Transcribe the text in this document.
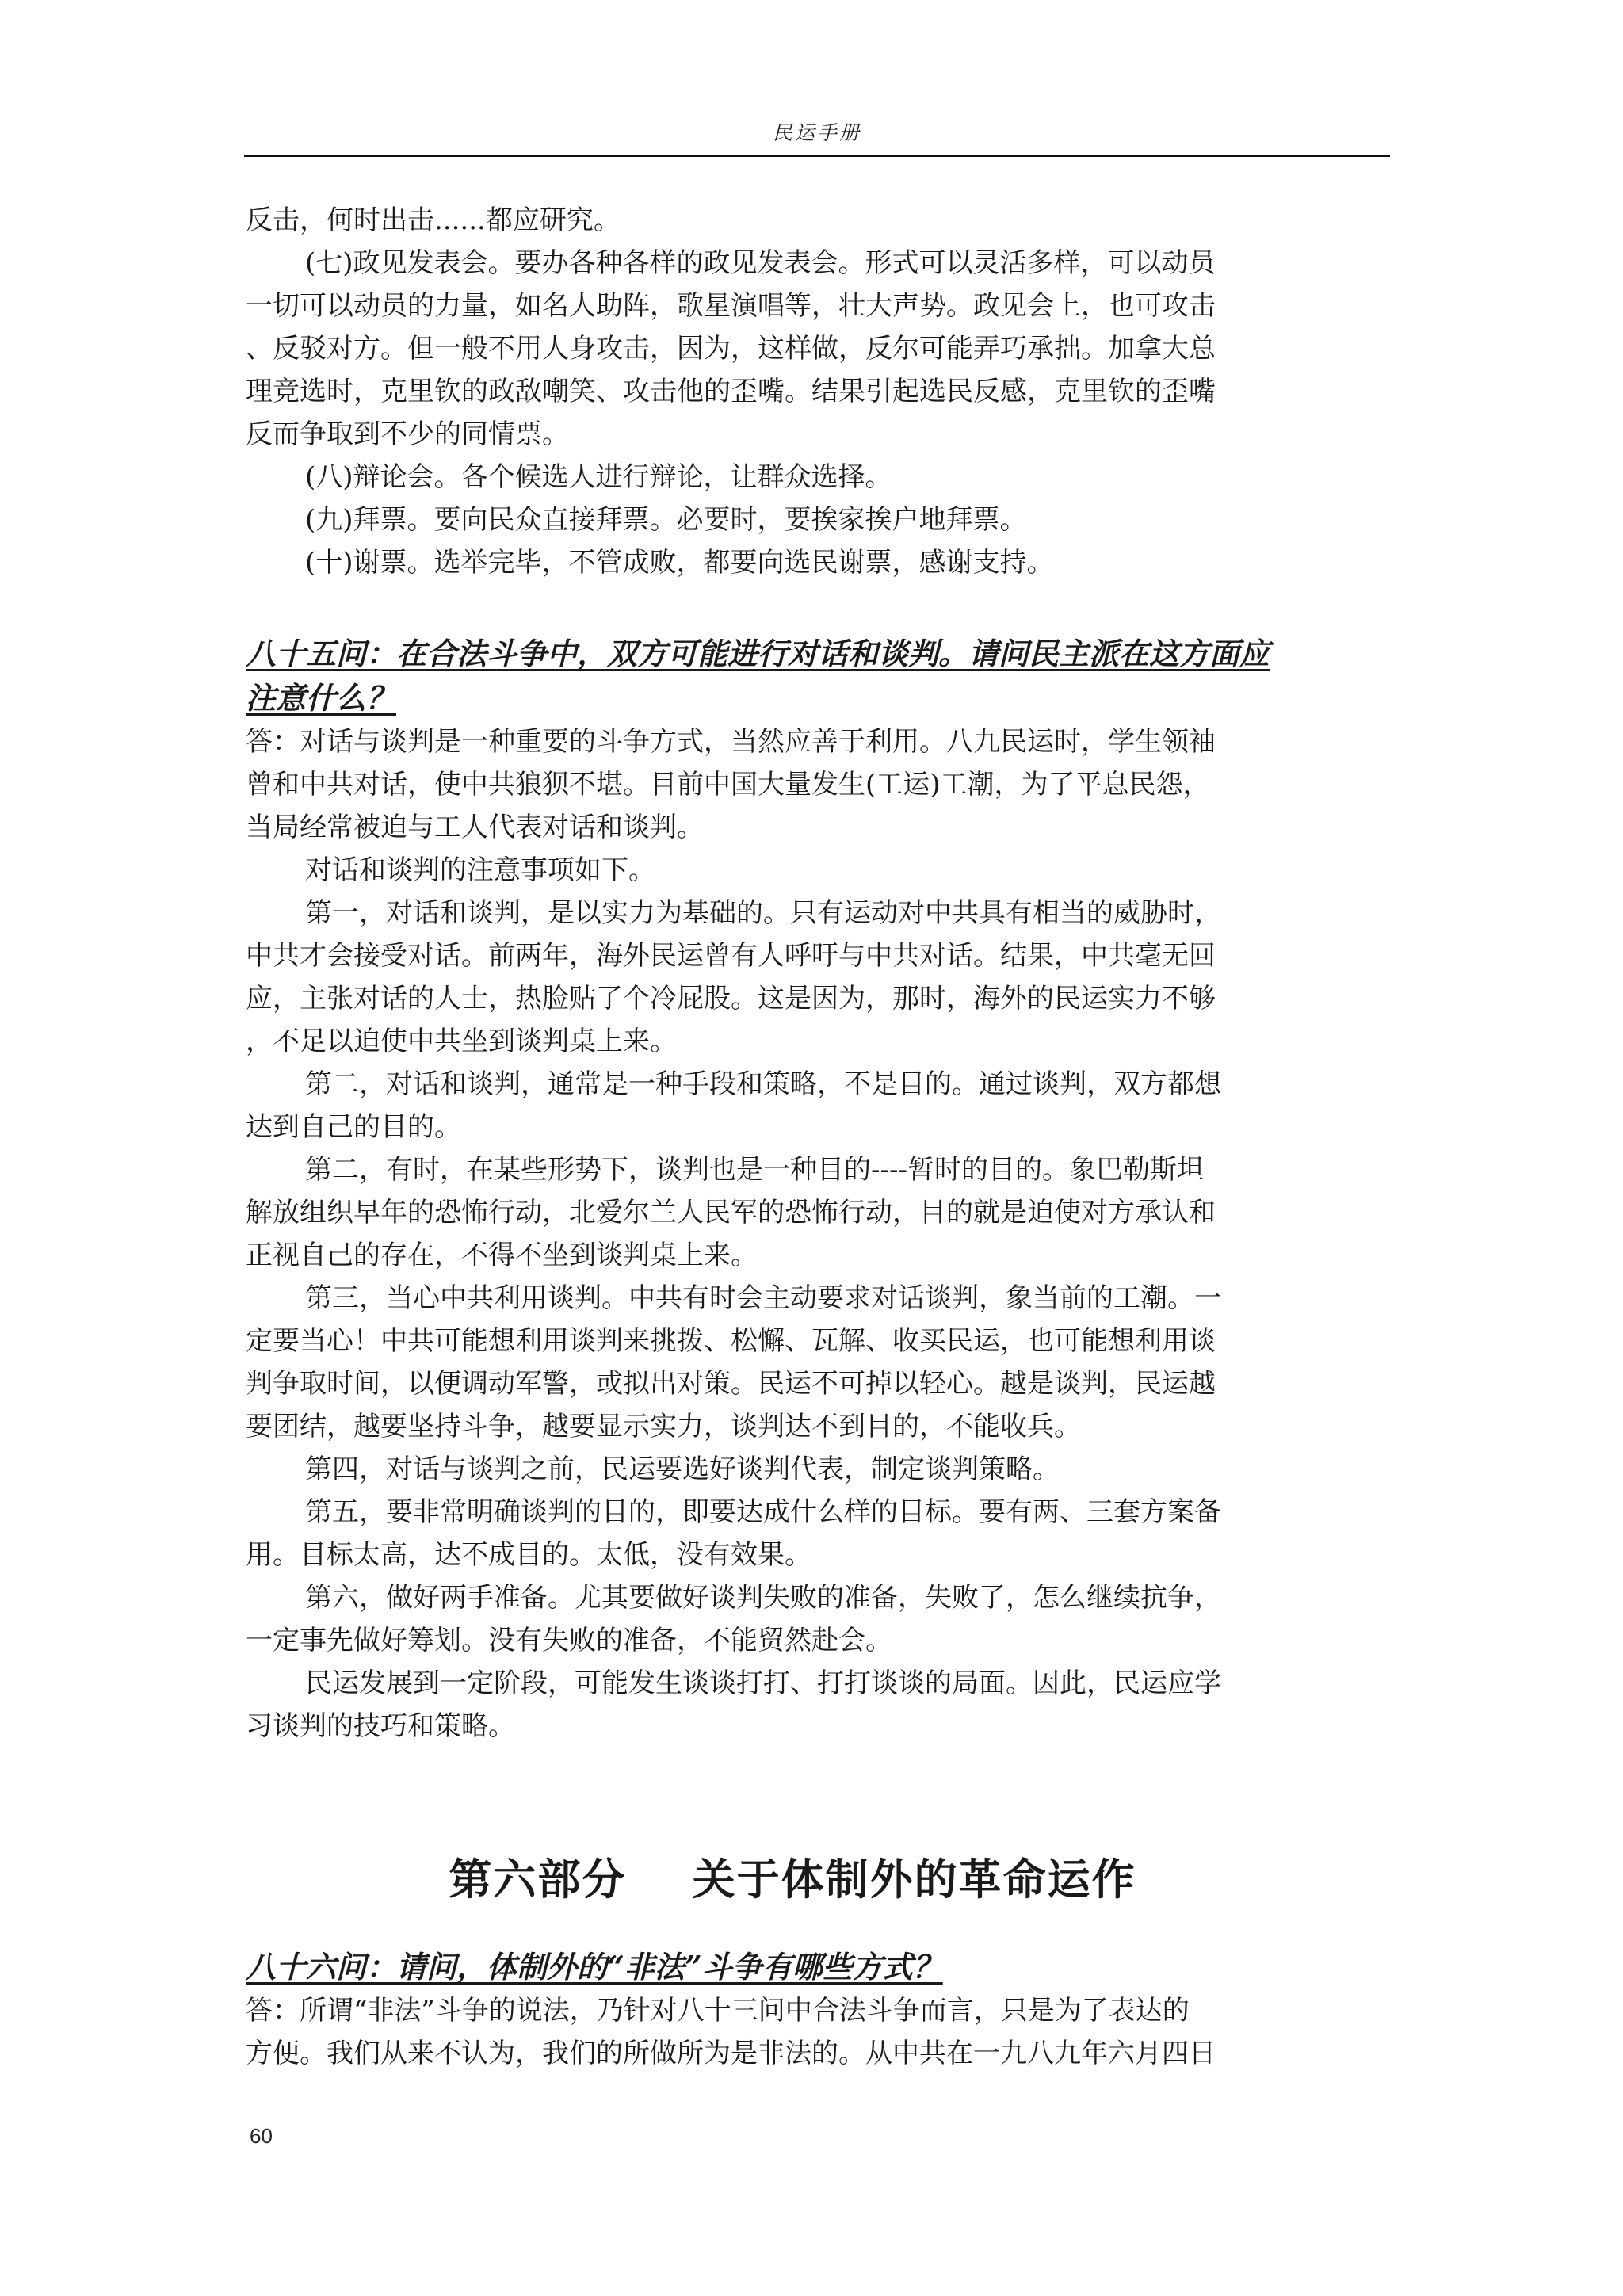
民运手册

反击，何时出击......都应研究。

(七)政见发表会。要办各种各样的政见发表会。形式可以灵活多样，可以动员

一切可以动员的力量，如名人助阵，歌星演唱等，壮大声势。政见会上，也可攻击

、反驳对方。但一般不用人身攻击，因为，这样做，反尔可能弄巧承拙。加拿大总

理竞选时，克里钦的政敌嘲笑、攻击他的歪嘴。结果引起选民反感，克里钦的歪嘴

反而争取到不少的同情票。

(八)辩论会。各个候选人进行辩论，让群众选择。

(九)拜票。要向民众直接拜票。必要时，要挨家挨户地拜票。

(十)谢票。选举完毕，不管成败，都要向选民谢票，感谢支持。

八十五问：在合法斗争中，双方可能进行对话和谈判。请问民主派在这方面应

注意什么？

答：对话与谈判是一种重要的斗争方式，当然应善于利用。八九民运时，学生领袖

曾和中共对话，使中共狼狈不堪。目前中国大量发生(工运)工潮，为了平息民怨，

当局经常被迫与工人代表对话和谈判。

对话和谈判的注意事项如下。

第一，对话和谈判，是以实力为基础的。只有运动对中共具有相当的威胁时，

中共才会接受对话。前两年，海外民运曾有人呼吁与中共对话。结果，中共毫无回

应，主张对话的人士，热脸贴了个冷屁股。这是因为，那时，海外的民运实力不够

，不足以迫使中共坐到谈判桌上来。

第二，对话和谈判，通常是一种手段和策略，不是目的。通过谈判，双方都想

达到自己的目的。

第二，有时，在某些形势下，谈判也是一种目的----暂时的目的。象巴勒斯坦

解放组织早年的恐怖行动，北爱尔兰人民军的恐怖行动，目的就是迫使对方承认和

正视自己的存在，不得不坐到谈判桌上来。

第三，当心中共利用谈判。中共有时会主动要求对话谈判，象当前的工潮。一

定要当心！中共可能想利用谈判来挑拨、松懈、瓦解、收买民运，也可能想利用谈

判争取时间，以便调动军警，或拟出对策。民运不可掉以轻心。越是谈判，民运越

要团结，越要坚持斗争，越要显示实力，谈判达不到目的，不能收兵。

第四，对话与谈判之前，民运要选好谈判代表，制定谈判策略。

第五，要非常明确谈判的目的，即要达成什么样的目标。要有两、三套方案备

用。目标太高，达不成目的。太低，没有效果。

第六，做好两手准备。尤其要做好谈判失败的准备，失败了，怎么继续抗争，

一定事先做好筹划。没有失败的准备，不能贸然赴会。

民运发展到一定阶段，可能发生谈谈打打、打打谈谈的局面。因此，民运应学

习谈判的技巧和策略。

第六部分    关于体制外的革命运作

八十六问：请问，体制外的“非法”斗争有哪些方式？

答：所谓“非法”斗争的说法，乃针对八十三问中合法斗争而言，只是为了表达的

方便。我们从来不认为，我们的所做所为是非法的。从中共在一九八九年六月四日

60
